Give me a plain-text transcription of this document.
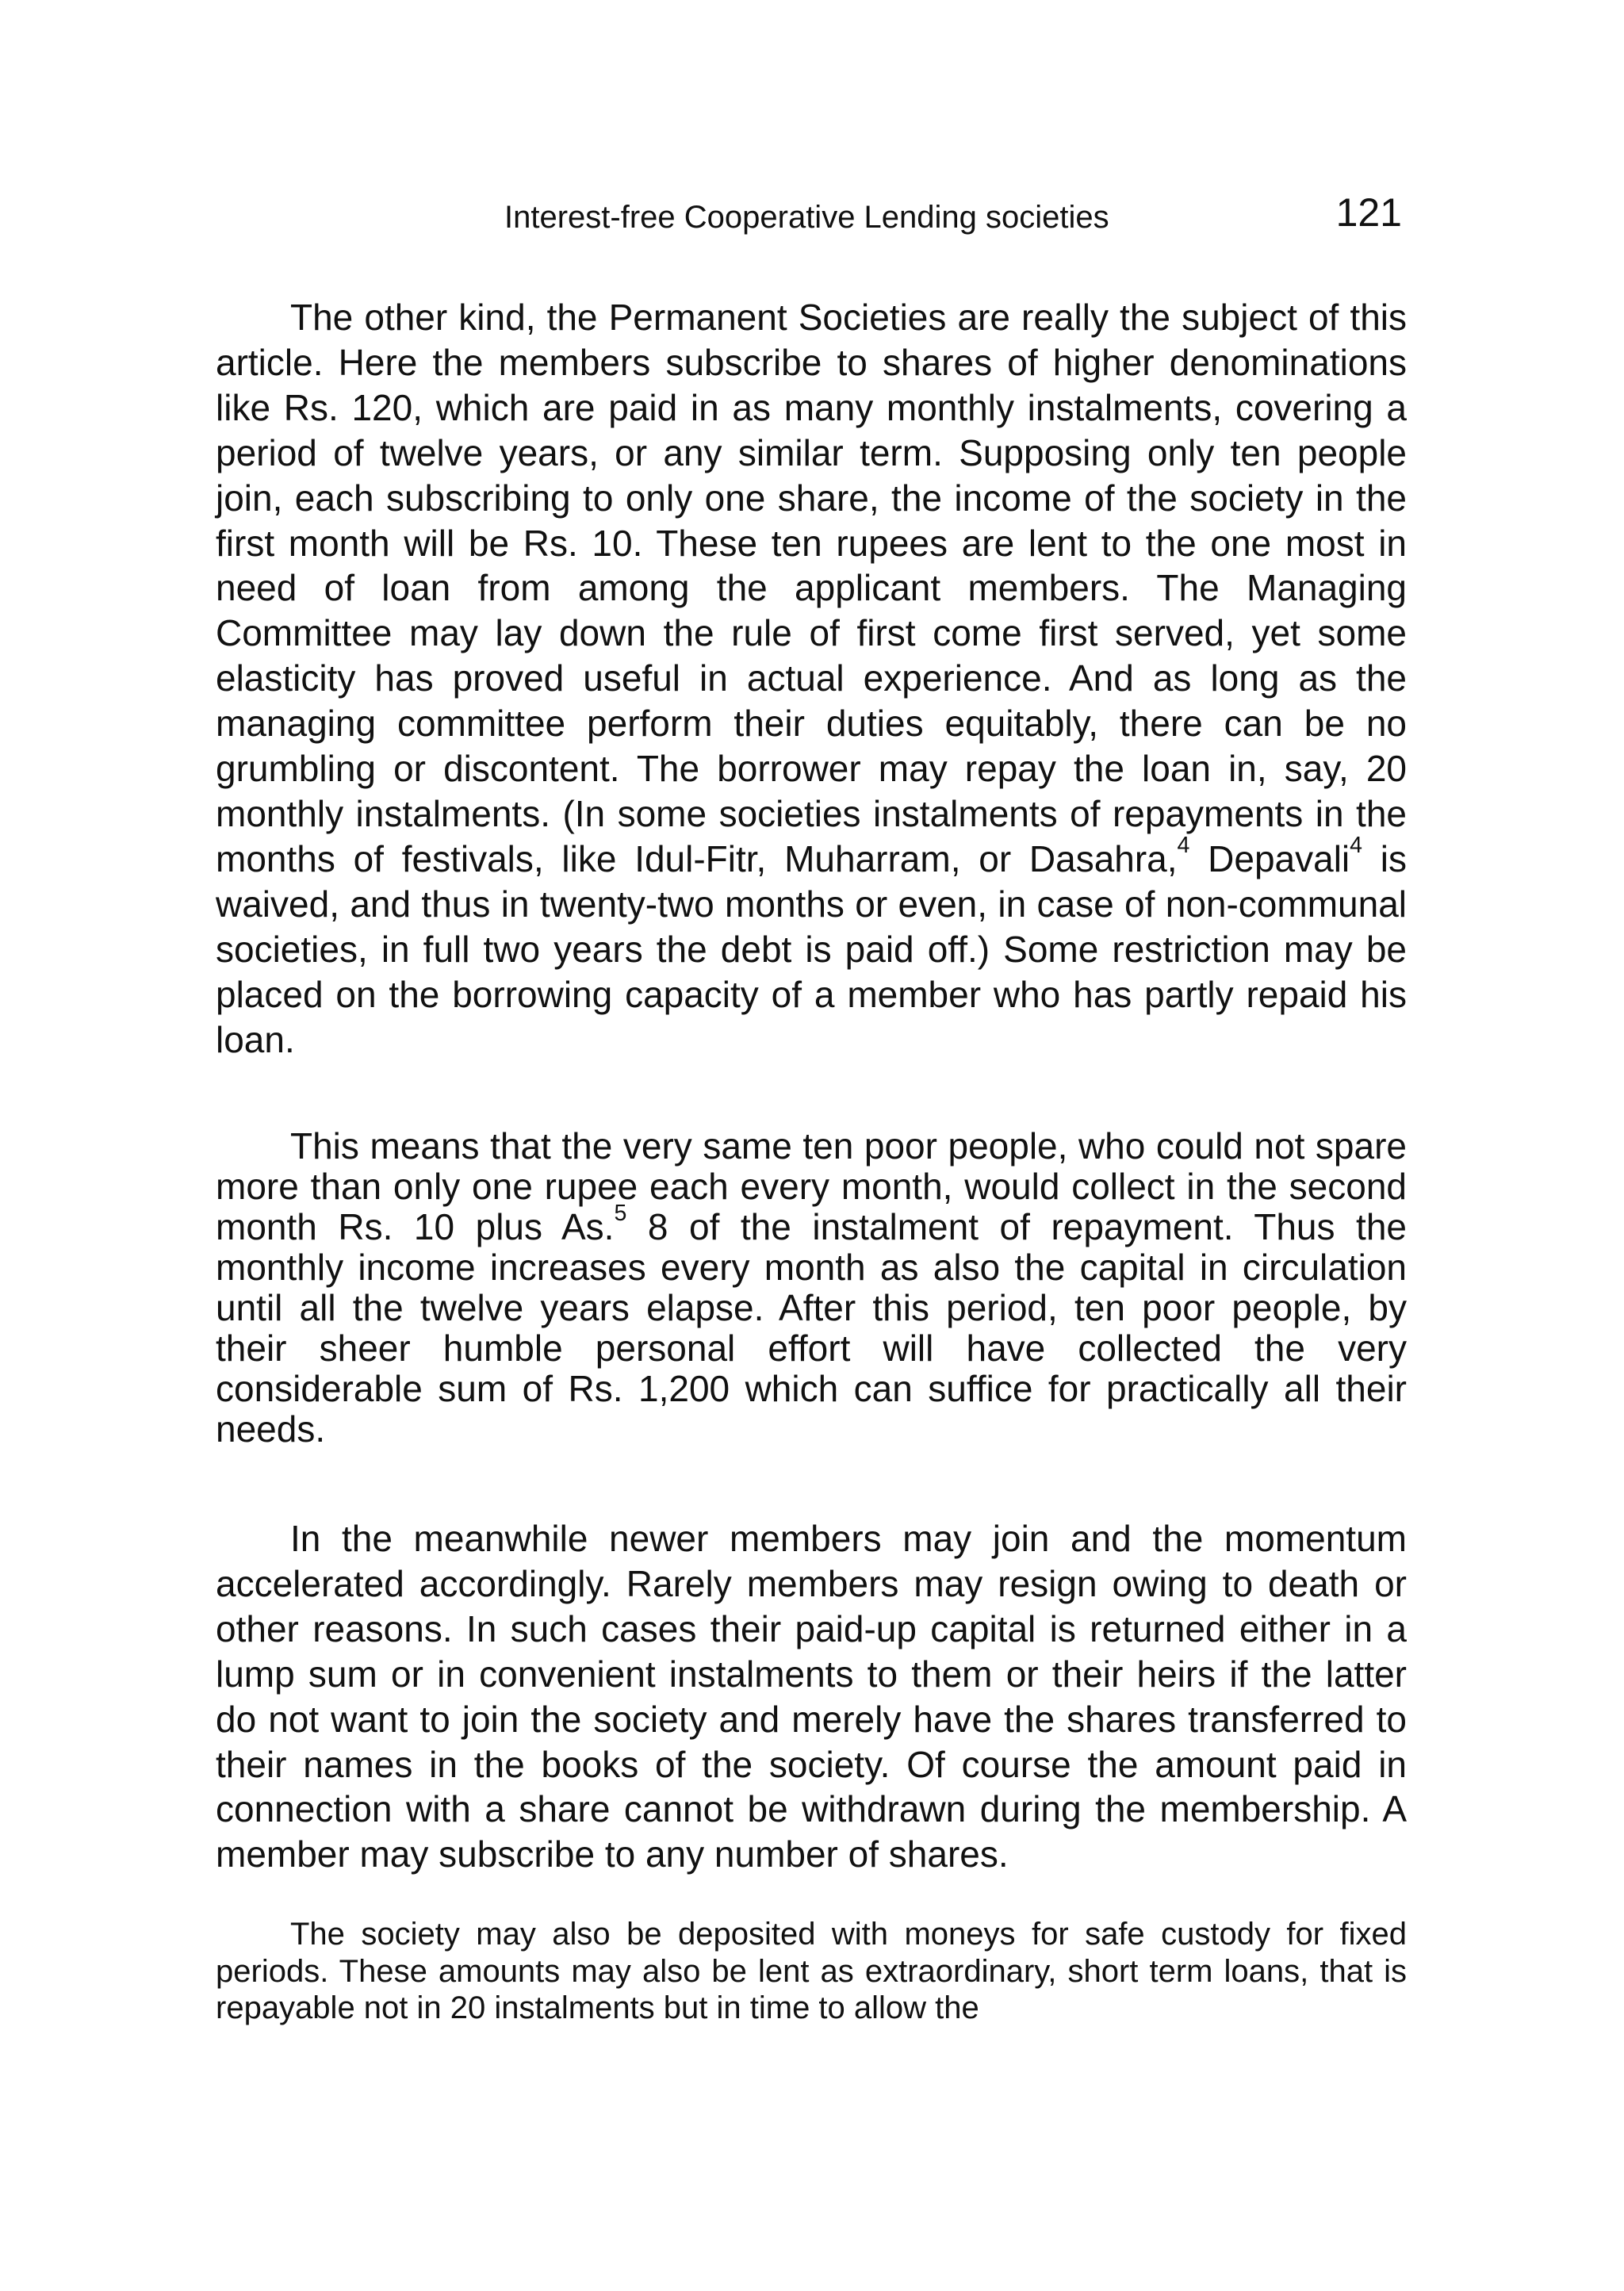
Interest-free Cooperative Lending societies	121

The other kind, the Permanent Societies are really the subject of this article. Here the members subscribe to shares of higher denominations like Rs. 120, which are paid in as many monthly instalments, covering a period of twelve years, or any similar term. Supposing only ten people join, each subscribing to only one share, the income of the society in the first month will be Rs. 10. These ten rupees are lent to the one most in need of loan from among the applicant members. The Managing Committee may lay down the rule of first come first served, yet some elasticity has proved useful in actual experience. And as long as the managing committee perform their duties equitably, there can be no grumbling or discontent. The borrower may repay the loan in, say, 20 monthly instalments. (In some societies instalments of repayments in the months of festivals, like Idul-Fitr, Muharram, or Dasahra,$^4$ Depavali$^4$ is waived, and thus in twenty-two months or even, in case of non-communal societies, in full two years the debt is paid off.) Some restriction may be placed on the borrowing capacity of a member who has partly repaid his loan.

This means that the very same ten poor people, who could not spare more than only one rupee each every month, would collect in the second month Rs. 10 plus As.$^5$ 8 of the instalment of repayment. Thus the monthly income increases every month as also the capital in circulation until all the twelve years elapse. After this period, ten poor people, by their sheer humble personal effort will have collected the very considerable sum of Rs. 1,200 which can suffice for practically all their needs.

In the meanwhile newer members may join and the momentum accelerated accordingly. Rarely members may resign owing to death or other reasons. In such cases their paid-up capital is returned either in a lump sum or in convenient instalments to them or their heirs if the latter do not want to join the society and merely have the shares transferred to their names in the books of the society. Of course the amount paid in connection with a share cannot be withdrawn during the membership. A member may subscribe to any number of shares.

The society may also be deposited with moneys for safe custody for fixed periods. These amounts may also be lent as extraordinary, short term loans, that is repayable not in 20 instalments but in time to allow the
